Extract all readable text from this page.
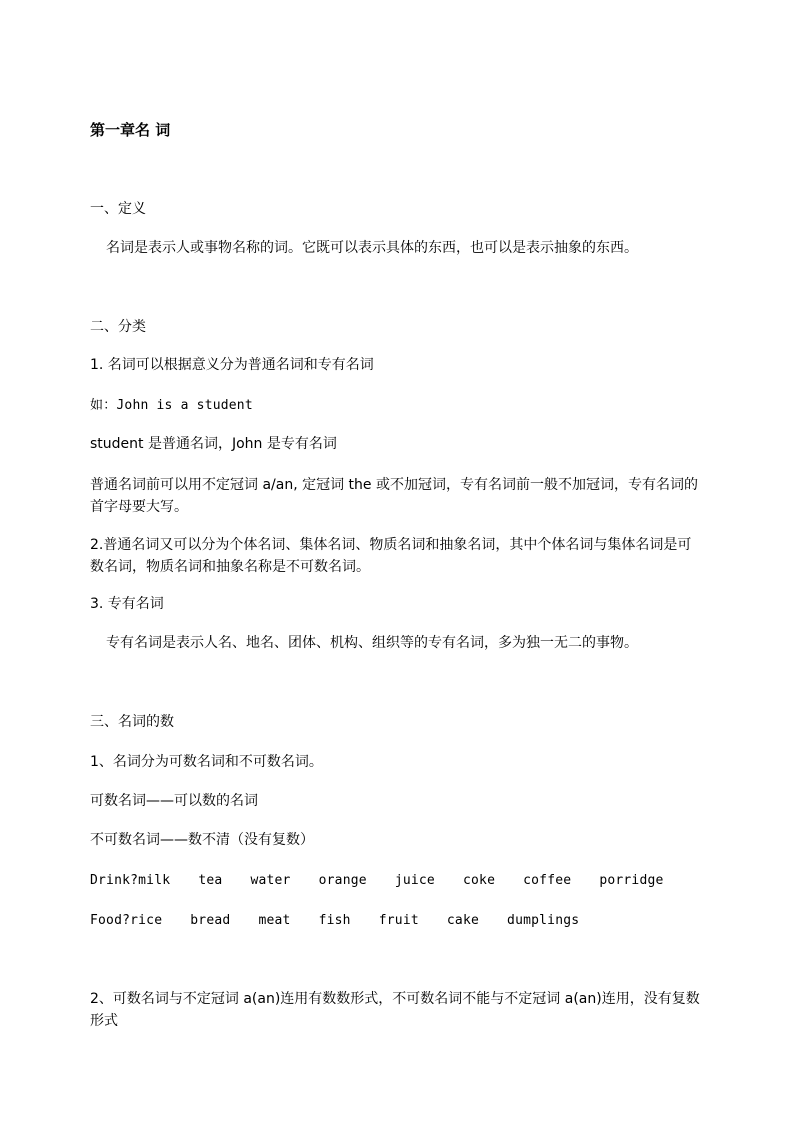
第一章名 词
一、定义
名词是表示人或事物名称的词。它既可以表示具体的东西，也可以是表示抽象的东西。
二、分类
1. 名词可以根据意义分为普通名词和专有名词
如：John is a student
student 是普通名词，John 是专有名词
普通名词前可以用不定冠词 a/an, 定冠词 the 或不加冠词，专有名词前一般不加冠词，专有名词的首字母要大写。
2.普通名词又可以分为个体名词、集体名词、物质名词和抽象名词，其中个体名词与集体名词是可数名词，物质名词和抽象名称是不可数名词。
3. 专有名词
专有名词是表示人名、地名、团体、机构、组织等的专有名词，多为独一无二的事物。
三、名词的数
1、名词分为可数名词和不可数名词。
可数名词——可以数的名词
不可数名词——数不清（没有复数）
Drink?milk tea water orange juice coke coffee porridge
Food?rice bread meat fish fruit cake dumplings
2、可数名词与不定冠词 a(an)连用有数数形式，不可数名词不能与不定冠词 a(an)连用，没有复数形式
